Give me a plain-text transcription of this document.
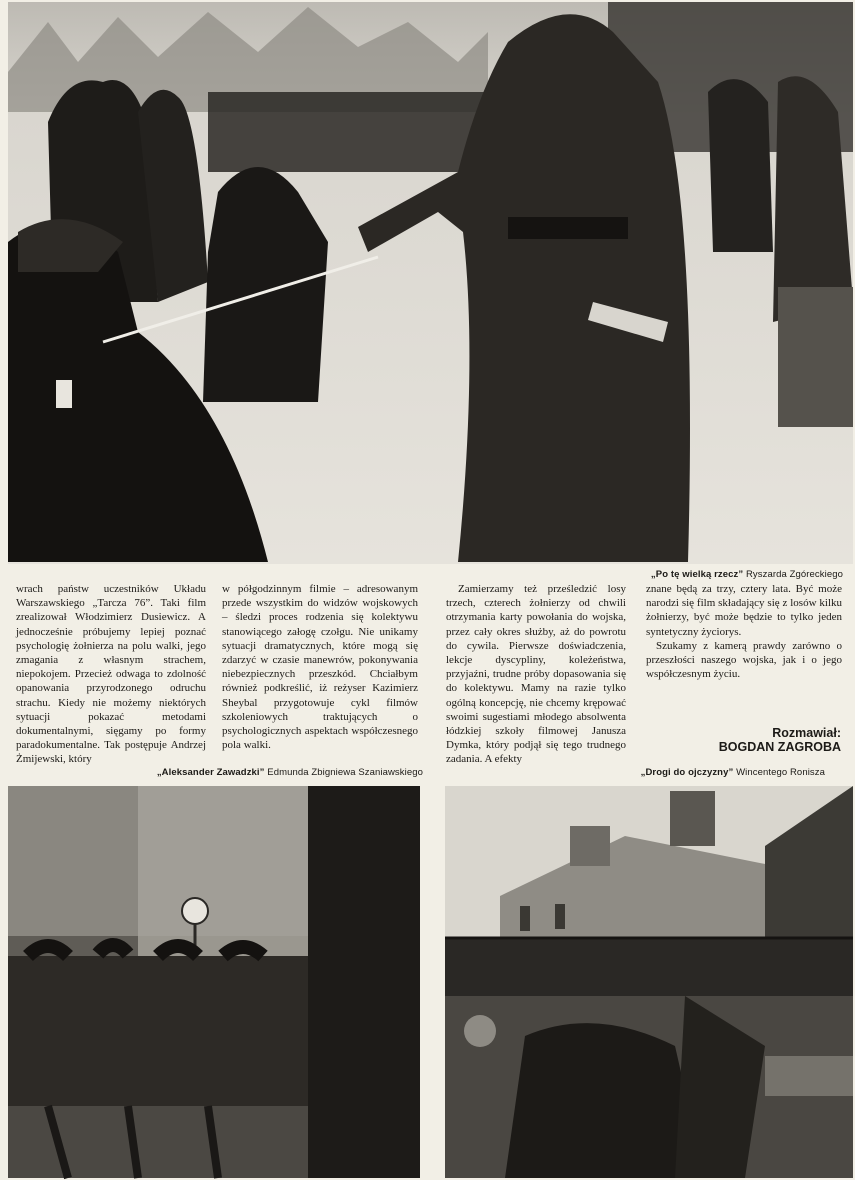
„Po tę wielką rzecz” Ryszarda Zgóreckiego

wrach państw uczestników Układu Warszawskiego „Tarcza 76”. Taki film zrealizował Włodzimierz Dusiewicz. A jednocześnie próbujemy lepiej poznać psychologię żołnierza na polu walki, jego zmagania z własnym strachem, niepokojem. Przecież odwaga to zdolność opanowania przyrodzonego odruchu strachu. Kiedy nie możemy niektórych sytuacji pokazać metodami dokumentalnymi, sięgamy po formy paradokumentalne. Tak postępuje Andrzej Żmijewski, który

w półgodzinnym filmie – adresowanym przede wszystkim do widzów wojskowych – śledzi proces rodzenia się kolektywu stanowiącego załogę czołgu. Nie unikamy sytuacji dramatycznych, które mogą się zdarzyć w czasie manewrów, pokonywania niebezpiecznych przeszkód. Chciałbym również podkreślić, iż reżyser Kazimierz Sheybal przygotowuje cykl filmów szkoleniowych traktujących o psychologicznych aspektach współczesnego pola walki.

Zamierzamy też prześledzić losy trzech, czterech żołnierzy od chwili otrzymania karty powołania do wojska, przez cały okres służby, aż do powrotu do cywila. Pierwsze doświadczenia, lekcje dyscypliny, koleżeństwa, przyjaźni, trudne próby dopasowania się do kolektywu. Mamy na razie tylko ogólną koncepcję, nie chcemy krępować swoimi sugestiami młodego absolwenta łódzkiej szkoły filmowej Janusza Dymka, który podjął się tego trudnego zadania. A efekty

znane będą za trzy, cztery lata. Być może narodzi się film składający się z losów kilku żołnierzy, być może będzie to tylko jeden syntetyczny życiorys.

Szukamy z kamerą prawdy zarówno o przeszłości naszego wojska, jak i o jego współczesnym życiu.

Rozmawiał:
BOGDAN ZAGROBA
„Aleksander Zawadzki” Edmunda Zbigniewa Szaniawskiego	„Drogi do ojczyzny” Wincentego Ronisza
